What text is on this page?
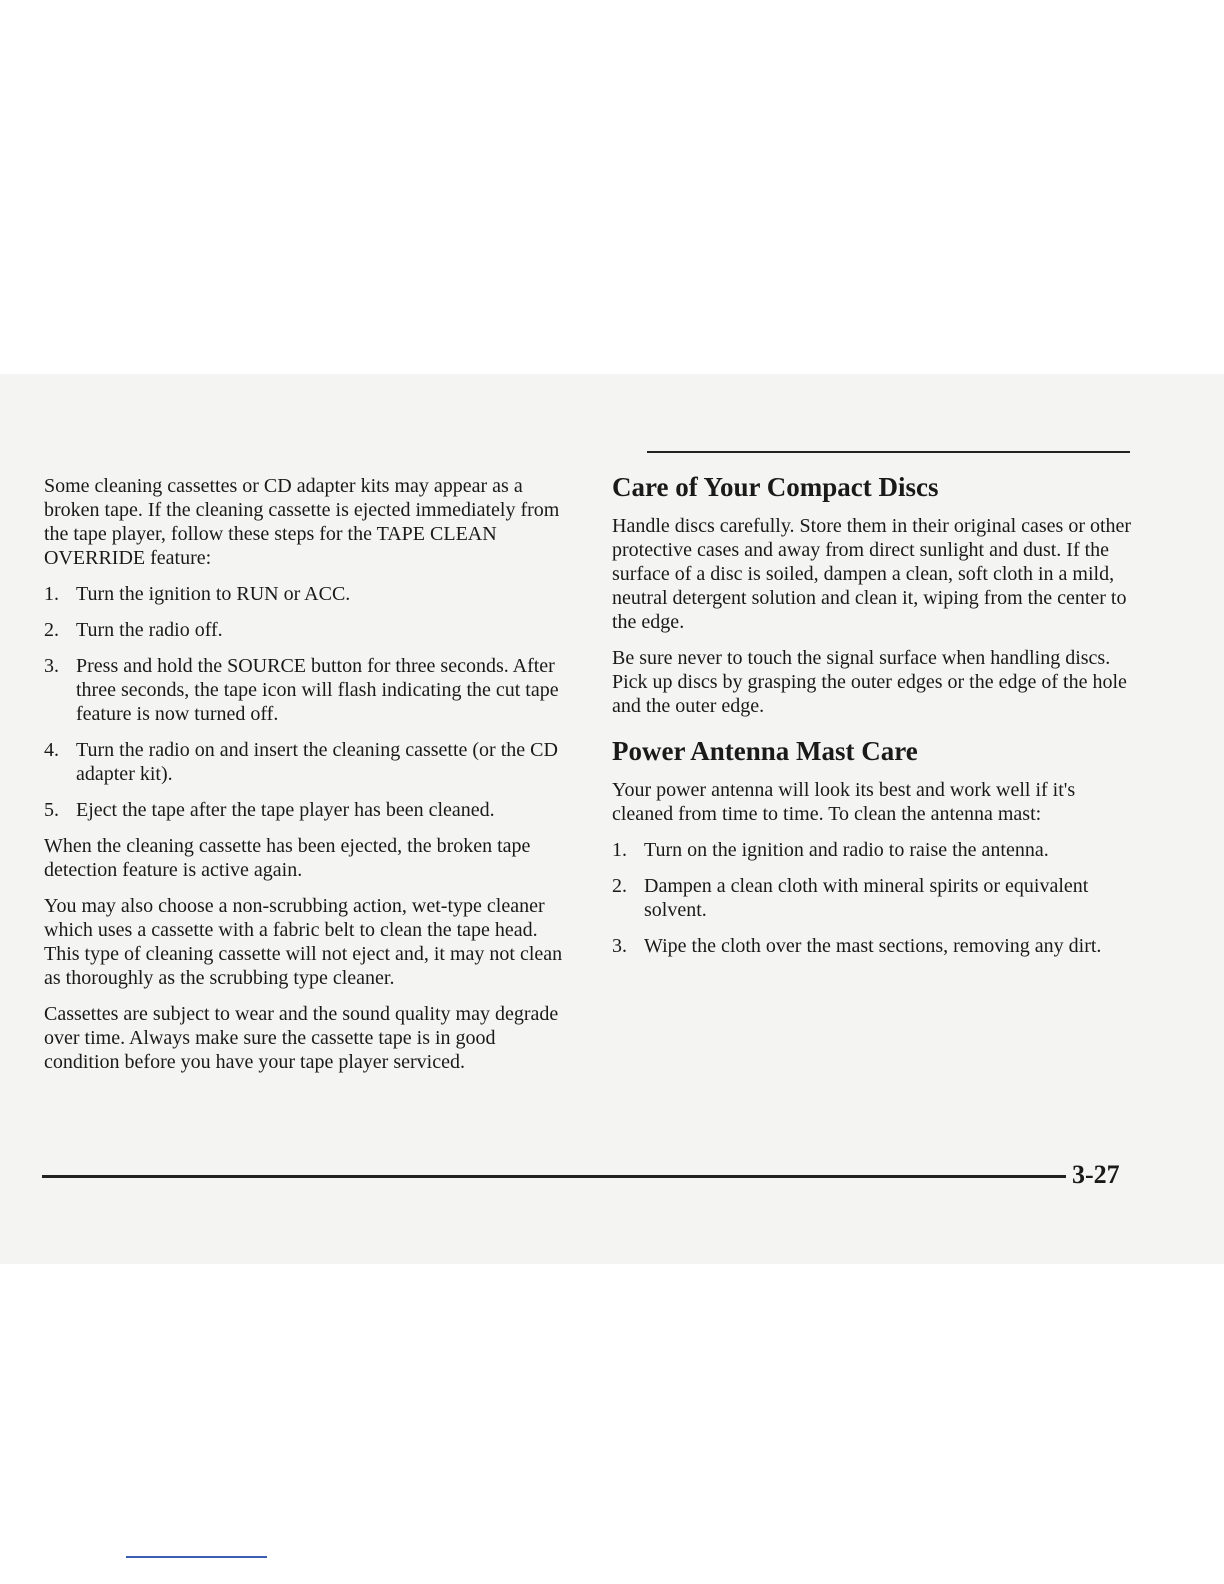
Some cleaning cassettes or CD adapter kits may appear as a broken tape. If the cleaning cassette is ejected immediately from the tape player, follow these steps for the TAPE CLEAN OVERRIDE feature:

1. Turn the ignition to RUN or ACC.
2. Turn the radio off.
3. Press and hold the SOURCE button for three seconds. After three seconds, the tape icon will flash indicating the cut tape feature is now turned off.
4. Turn the radio on and insert the cleaning cassette (or the CD adapter kit).
5. Eject the tape after the tape player has been cleaned.

When the cleaning cassette has been ejected, the broken tape detection feature is active again.

You may also choose a non-scrubbing action, wet-type cleaner which uses a cassette with a fabric belt to clean the tape head. This type of cleaning cassette will not eject and, it may not clean as thoroughly as the scrubbing type cleaner.

Cassettes are subject to wear and the sound quality may degrade over time. Always make sure the cassette tape is in good condition before you have your tape player serviced.

Care of Your Compact Discs

Handle discs carefully. Store them in their original cases or other protective cases and away from direct sunlight and dust. If the surface of a disc is soiled, dampen a clean, soft cloth in a mild, neutral detergent solution and clean it, wiping from the center to the edge.

Be sure never to touch the signal surface when handling discs. Pick up discs by grasping the outer edges or the edge of the hole and the outer edge.

Power Antenna Mast Care

Your power antenna will look its best and work well if it's cleaned from time to time. To clean the antenna mast:

1. Turn on the ignition and radio to raise the antenna.
2. Dampen a clean cloth with mineral spirits or equivalent solvent.
3. Wipe the cloth over the mast sections, removing any dirt.
3-27
